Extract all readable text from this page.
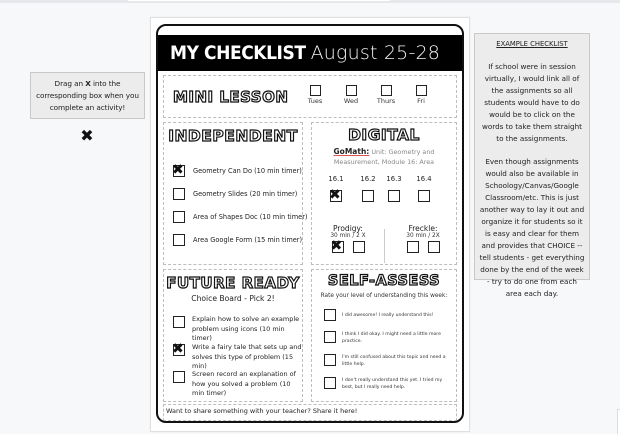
Drag an X into the corresponding box when you complete an activity!
✖
MY CHECKLIST August 25-28
MINI LESSON	Tues	Wed	Thurs	Fri
INDEPENDENT
✖
Geometry Can Do (10 min timer)
Geometry Slides (20 min timer)
Area of Shapes Doc (10 min timer)
Area Google Form (15 min timer)
DIGITAL
GoMath: Unit: Geometry and Measurement, Module 16: Area
16.1
✖	16.2	16.3	16.4
Prodigy:
30 min / 2 X
✖
Freckle:
30 min / 2X
FUTURE READY
Choice Board - Pick 2!
Explain how to solve an example problem using icons (10 min timer)
✖
Write a fairy tale that sets up and solves this type of problem (15 min)
Screen record an explanation of how you solved a problem (10 min timer)
SELF-ASSESS
Rate your level of understanding this week:
I did awesome! I really understand this!
I think I did okay. I might need a little more practice.
I'm still confused about this topic and need a little help.
I don't really understand this yet. I tried my best, but I really need help.
Want to share something with your teacher? Share it here!
EXAMPLE CHECKLIST
If school were in session virtually, I would link all of the assignments so all students would have to do would be to click on the words to take them straight to the assignments.
Even though assignments would also be available in Schoology/Canvas/Google Classroom/etc. This is just another way to lay it out and organize it for students so it is easy and clear for them and provides that CHOICE -- tell students - get everything done by the end of the week - try to do one from each area each day.
